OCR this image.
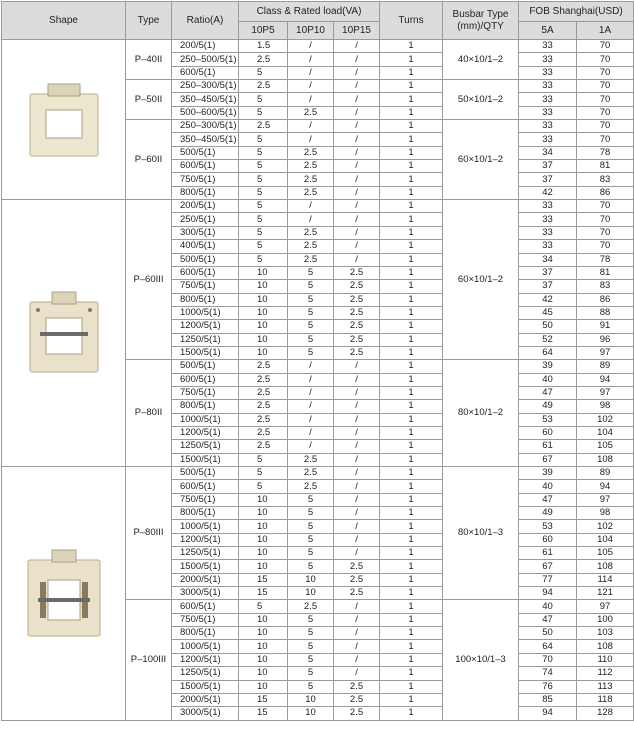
Shape	Type	Ratio(A)	Class & Rated load(VA)			Turns	Busbar Type (mm)/QTY	FOB Shanghai(USD)	
			10P5	10P10	10P15			5A	1A

	P–40II	200/5(1)	1.5	/	/	1	40×10/1–2	33	70
		250–500/5(1)	2.5	/	/	1		33	70
		600/5(1)	5	/	/	1		33	70
	P–50II	250–300/5(1)	2.5	/	/	1	50×10/1–2	33	70
		350–450/5(1)	5	/	/	1		33	70
		500–600/5(1)	5	2.5	/	1		33	70
	P–60II	250–300/5(1)	2.5	/	/	1	60×10/1–2	33	70
		350–450/5(1)	5	/	/	1		33	70
		500/5(1)	5	2.5	/	1		34	78
		600/5(1)	5	2.5	/	1		37	81
		750/5(1)	5	2.5	/	1		37	83
		800/5(1)	5	2.5	/	1		42	86

	P–60III	200/5(1)	5	/	/	1	60×10/1–2	33	70
		250/5(1)	5	/	/	1		33	70
		300/5(1)	5	2.5	/	1		33	70
		400/5(1)	5	2.5	/	1		33	70
		500/5(1)	5	2.5	/	1		34	78
		600/5(1)	10	5	2.5	1		37	81
		750/5(1)	10	5	2.5	1		37	83
		800/5(1)	10	5	2.5	1		42	86
		1000/5(1)	10	5	2.5	1		45	88
		1200/5(1)	10	5	2.5	1		50	91
		1250/5(1)	10	5	2.5	1		52	96
		1500/5(1)	10	5	2.5	1		64	97
	P–80II	500/5(1)	2.5	/	/	1	80×10/1–2	39	89
		600/5(1)	2.5	/	/	1		40	94
		750/5(1)	2.5	/	/	1		47	97
		800/5(1)	2.5	/	/	1		49	98
		1000/5(1)	2.5	/	/	1		53	102
		1200/5(1)	2.5	/	/	1		60	104
		1250/5(1)	2.5	/	/	1		61	105
		1500/5(1)	5	2.5	/	1		67	108

	P–80III	500/5(1)	5	2.5	/	1	80×10/1–3	39	89
		600/5(1)	5	2.5	/	1		40	94
		750/5(1)	10	5	/	1		47	97
		800/5(1)	10	5	/	1		49	98
		1000/5(1)	10	5	/	1		53	102
		1200/5(1)	10	5	/	1		60	104
		1250/5(1)	10	5	/	1		61	105
		1500/5(1)	10	5	2.5	1		67	108
		2000/5(1)	15	10	2.5	1		77	114
		3000/5(1)	15	10	2.5	1		94	121
	P–100III	600/5(1)	5	2.5	/	1	100×10/1–3	40	97
		750/5(1)	10	5	/	1		47	100
		800/5(1)	10	5	/	1		50	103
		1000/5(1)	10	5	/	1		64	108
		1200/5(1)	10	5	/	1		70	110
		1250/5(1)	10	5	/	1		74	112
		1500/5(1)	10	5	2.5	1		76	113
		2000/5(1)	15	10	2.5	1		85	118
		3000/5(1)	15	10	2.5	1		94	128
